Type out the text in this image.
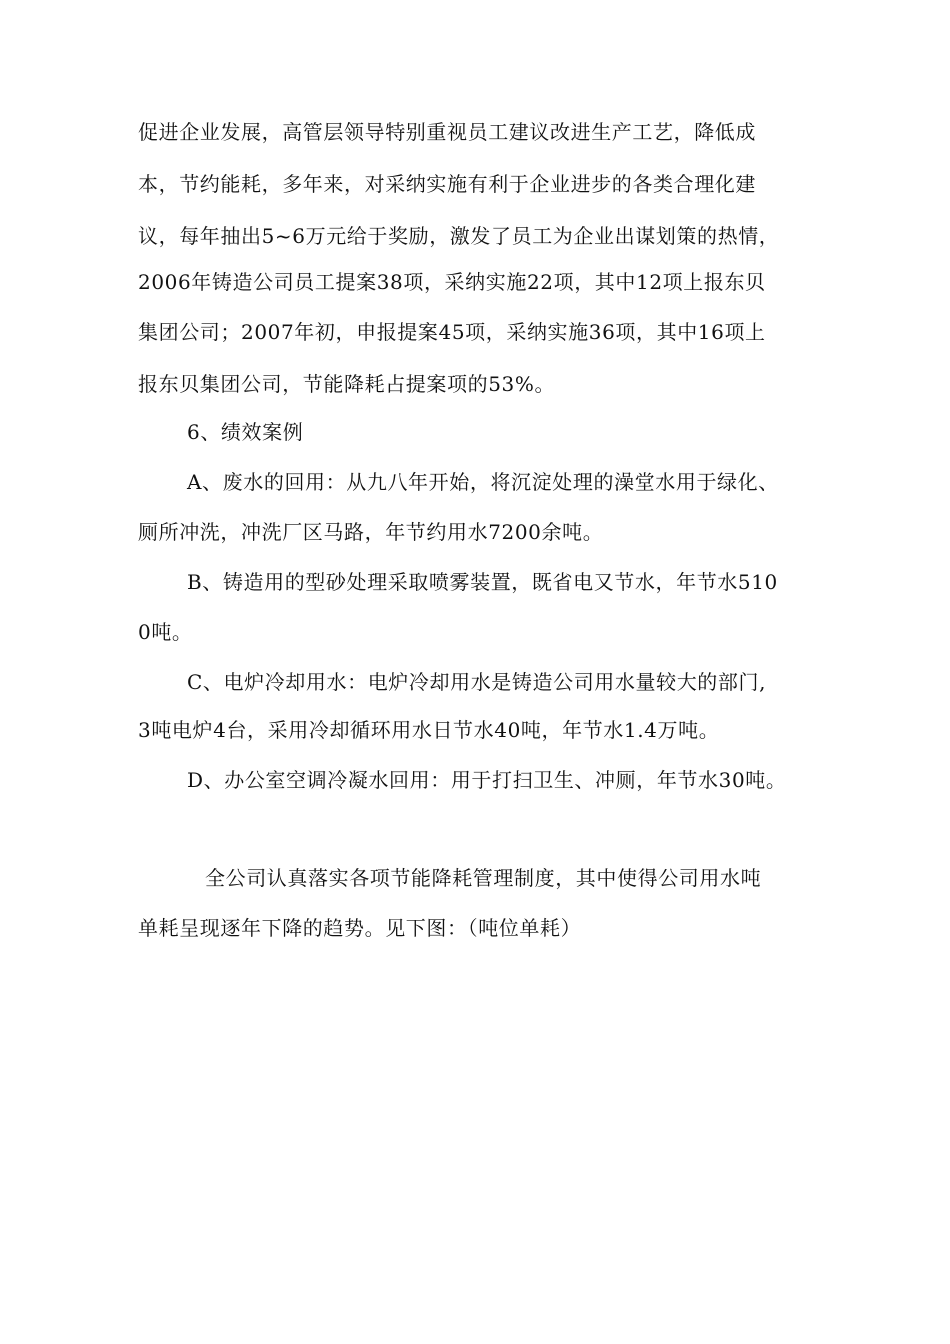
促进企业发展，高管层领导特别重视员工建议改进生产工艺，降低成
本，节约能耗，多年来，对采纳实施有利于企业进步的各类合理化建
议，每年抽出5~6万元给于奖励，激发了员工为企业出谋划策的热情，
2006年铸造公司员工提案38项，采纳实施22项，其中12项上报东贝
集团公司；2007年初，申报提案45项，采纳实施36项，其中16项上
报东贝集团公司，节能降耗占提案项的53%。
6、绩效案例
A、废水的回用：从九八年开始，将沉淀处理的澡堂水用于绿化、
厕所冲洗，冲洗厂区马路，年节约用水7200余吨。
B、铸造用的型砂处理采取喷雾装置，既省电又节水，年节水510
0吨。
C、电炉冷却用水：电炉冷却用水是铸造公司用水量较大的部门,
3吨电炉4台，采用冷却循环用水日节水40吨，年节水1.4万吨。
D、办公室空调冷凝水回用：用于打扫卫生、冲厕，年节水30吨。
全公司认真落实各项节能降耗管理制度，其中使得公司用水吨
单耗呈现逐年下降的趋势。见下图：（吨位单耗）
